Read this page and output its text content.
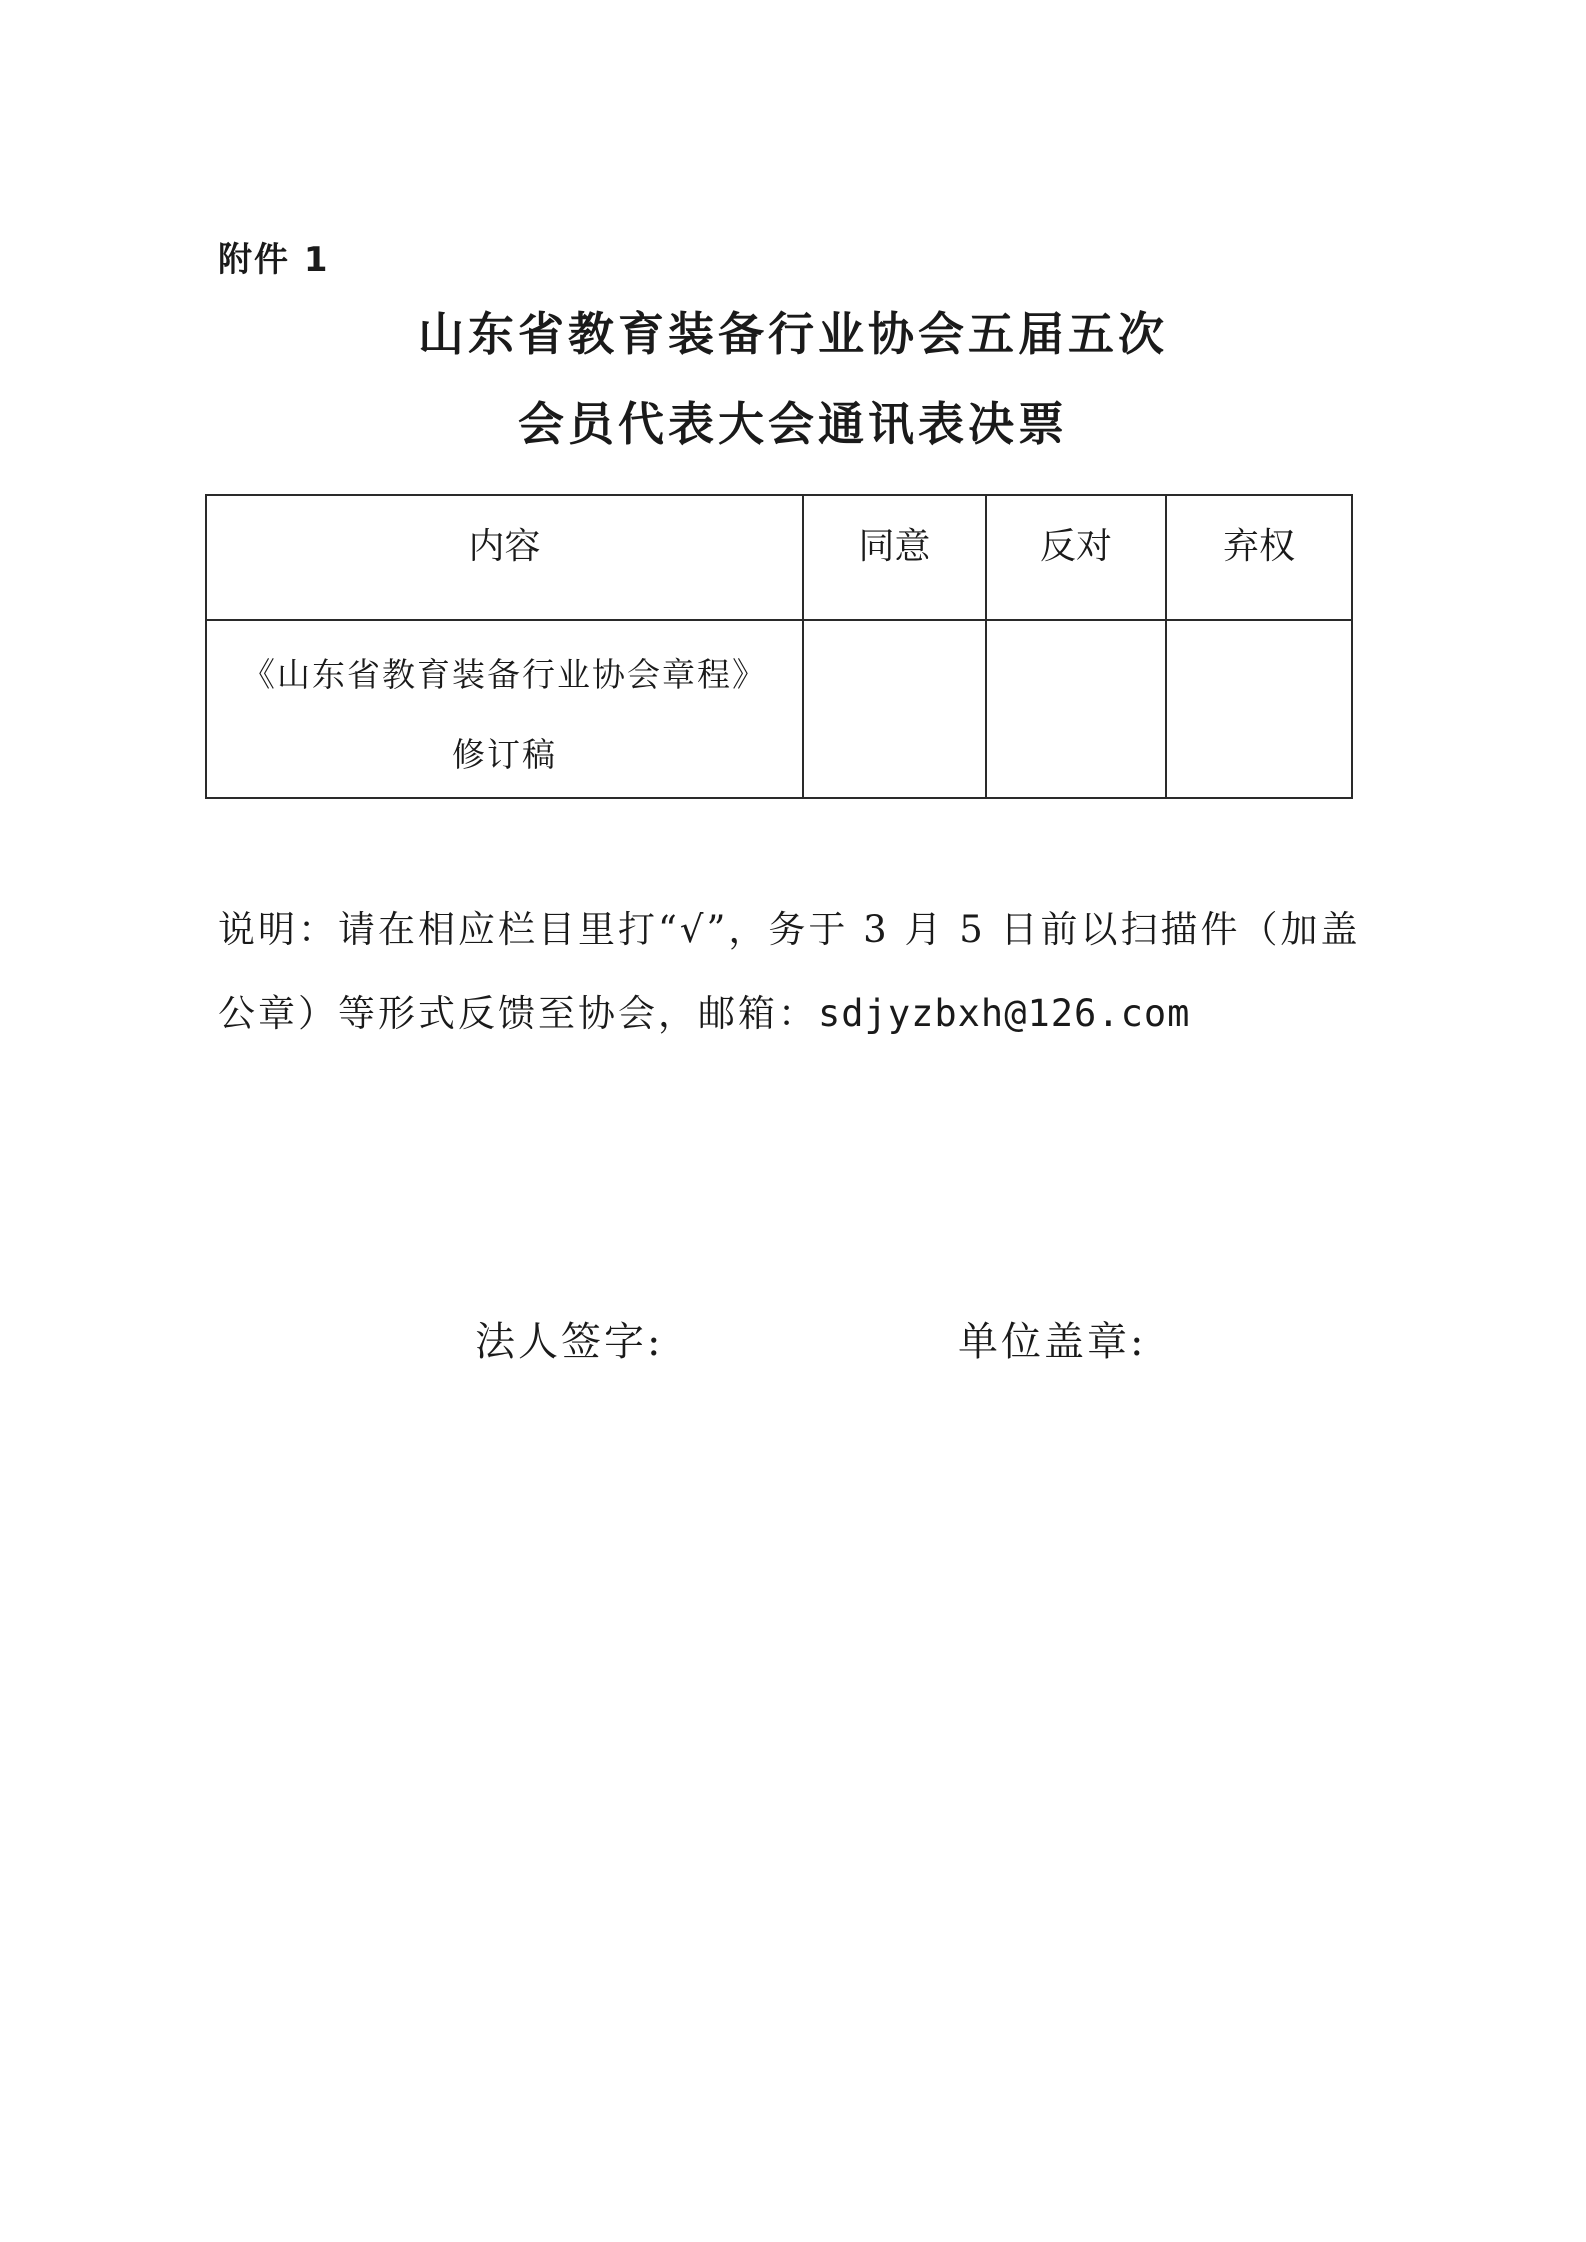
附件 1
山东省教育装备行业协会五届五次
会员代表大会通讯表决票
内容	同意	反对	弃权

《山东省教育装备行业协会章程》
修订稿			

说明：请在相应栏目里打“√”，务于 3 月 5 日前以扫描件（加盖
公章）等形式反馈至协会，邮箱：sdjyzbxh@126.com
法人签字:	单位盖章:
